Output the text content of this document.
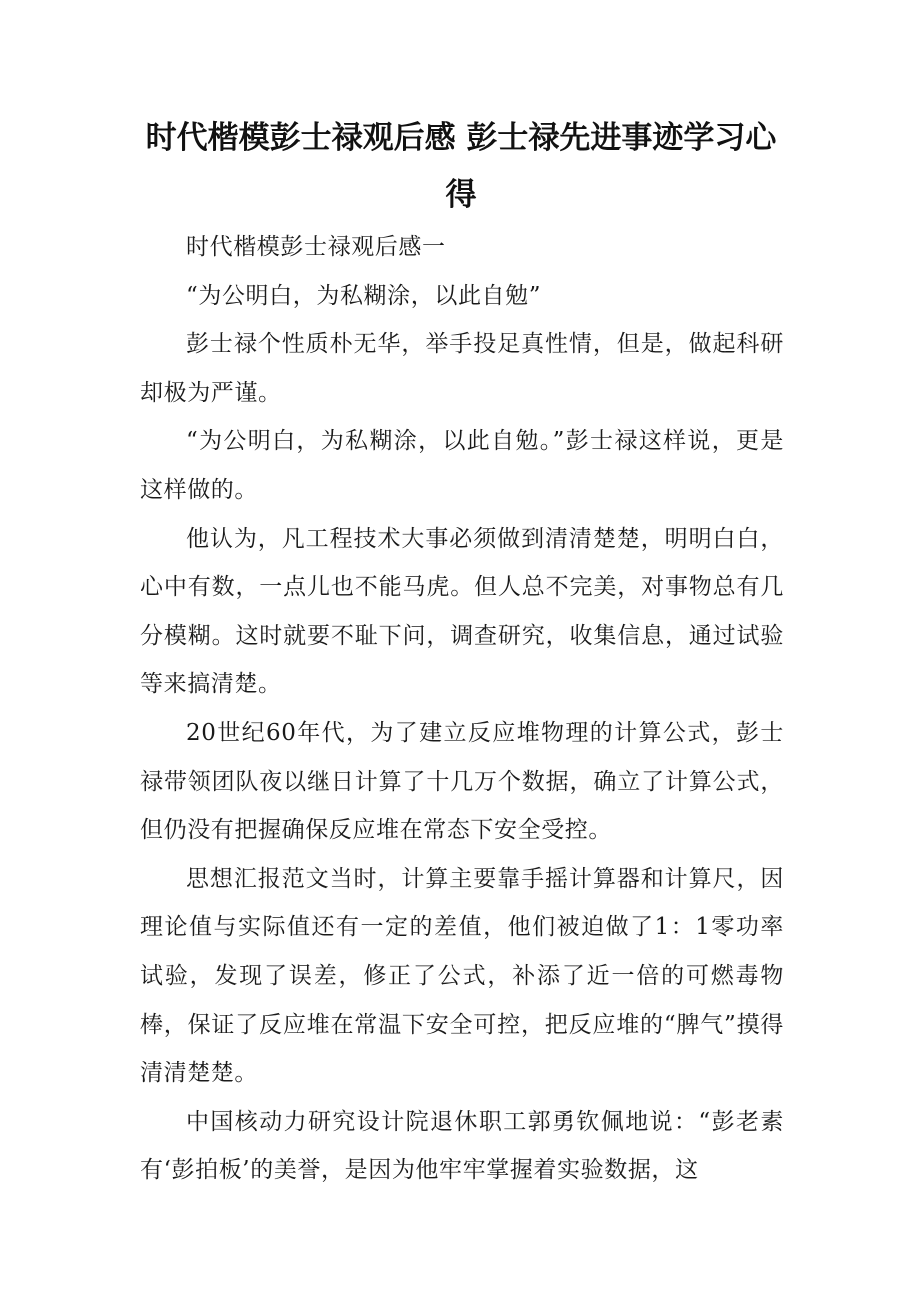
时代楷模彭士禄观后感 彭士禄先进事迹学习心得

时代楷模彭士禄观后感一

“为公明白，为私糊涂，以此自勉”

彭士禄个性质朴无华，举手投足真性情，但是，做起科研却极为严谨。

“为公明白，为私糊涂，以此自勉。”彭士禄这样说，更是这样做的。

他认为，凡工程技术大事必须做到清清楚楚，明明白白，心中有数，一点儿也不能马虎。但人总不完美，对事物总有几分模糊。这时就要不耻下问，调查研究，收集信息，通过试验等来搞清楚。

20世纪60年代，为了建立反应堆物理的计算公式，彭士禄带领团队夜以继日计算了十几万个数据，确立了计算公式，但仍没有把握确保反应堆在常态下安全受控。

思想汇报范文当时，计算主要靠手摇计算器和计算尺，因理论值与实际值还有一定的差值，他们被迫做了1：1零功率试验，发现了误差，修正了公式，补添了近一倍的可燃毒物棒，保证了反应堆在常温下安全可控，把反应堆的“脾气”摸得清清楚楚。

中国核动力研究设计院退休职工郭勇钦佩地说：“彭老素有‘彭拍板’的美誉，是因为他牢牢掌握着实验数据，这
